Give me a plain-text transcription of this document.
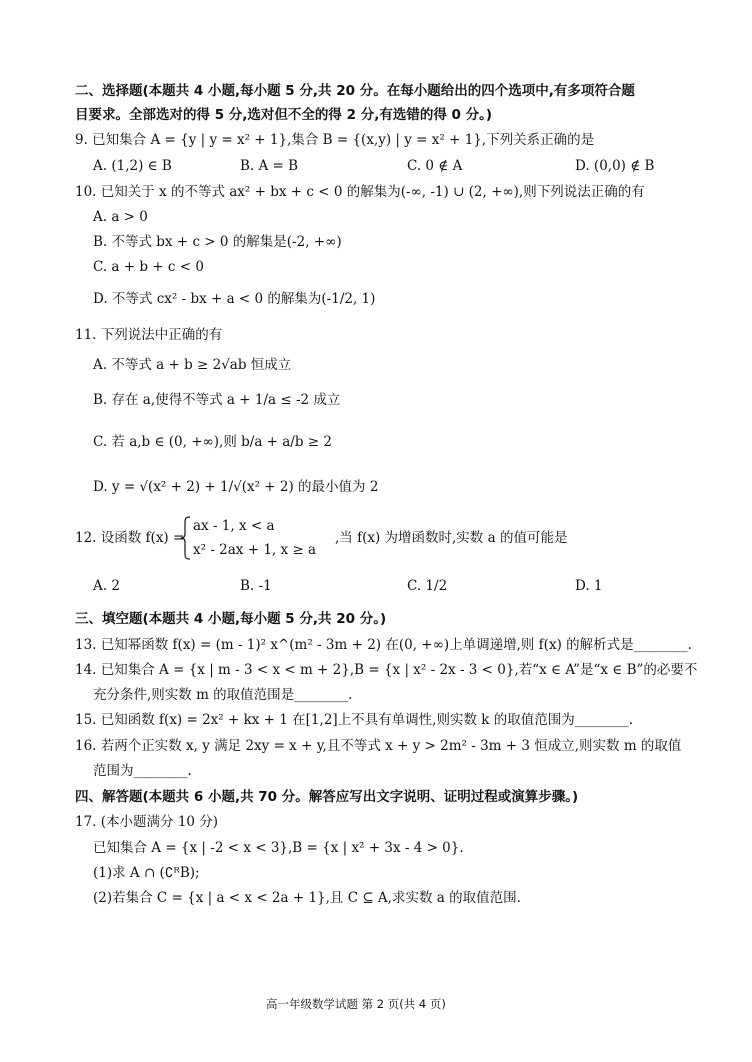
二、选择题(本题共 4 小题,每小题 5 分,共 20 分。在每小题给出的四个选项中,有多项符合题
目要求。全部选对的得 5 分,选对但不全的得 2 分,有选错的得 0 分。)
9. 已知集合 A = {y | y = x² + 1},集合 B = {(x,y) | y = x² + 1},下列关系正确的是
A. (1,2) ∈ B	B. A = B	C. 0 ∉ A	D. (0,0) ∉ B
10. 已知关于 x 的不等式 ax² + bx + c < 0 的解集为(-∞, -1) ∪ (2, +∞),则下列说法正确的有
A. a > 0
B. 不等式 bx + c > 0 的解集是(-2, +∞)
C. a + b + c < 0
D. 不等式 cx² - bx + a < 0 的解集为(-1/2, 1)
11. 下列说法中正确的有
A. 不等式 a + b ≥ 2√ab 恒成立
B. 存在 a,使得不等式 a + 1/a ≤ -2 成立
C. 若 a,b ∈ (0, +∞),则 b/a + a/b ≥ 2
D. y = √(x² + 2) + 1/√(x² + 2) 的最小值为 2
12. 设函数 f(x) =
ax - 1, x < a
x² - 2ax + 1, x ≥ a
,当 f(x) 为增函数时,实数 a 的值可能是
A. 2	B. -1	C. 1/2	D. 1
三、填空题(本题共 4 小题,每小题 5 分,共 20 分。)
13. 已知幂函数 f(x) = (m - 1)² x^(m² - 3m + 2) 在(0, +∞)上单调递增,则 f(x) 的解析式是________.
14. 已知集合 A = {x | m - 3 < x < m + 2},B = {x | x² - 2x - 3 < 0},若“x ∈ A”是“x ∈ B”的必要不
充分条件,则实数 m 的取值范围是________.
15. 已知函数 f(x) = 2x² + kx + 1 在[1,2]上不具有单调性,则实数 k 的取值范围为________.
16. 若两个正实数 x, y 满足 2xy = x + y,且不等式 x + y > 2m² - 3m + 3 恒成立,则实数 m 的取值
范围为________.
四、解答题(本题共 6 小题,共 70 分。解答应写出文字说明、证明过程或演算步骤。)
17. (本小题满分 10 分)
已知集合 A = {x | -2 < x < 3},B = {x | x² + 3x - 4 > 0}.
(1)求 A ∩ (∁ᴿB);
(2)若集合 C = {x | a < x < 2a + 1},且 C ⊆ A,求实数 a 的取值范围.
高一年级数学试题 第 2 页(共 4 页)
